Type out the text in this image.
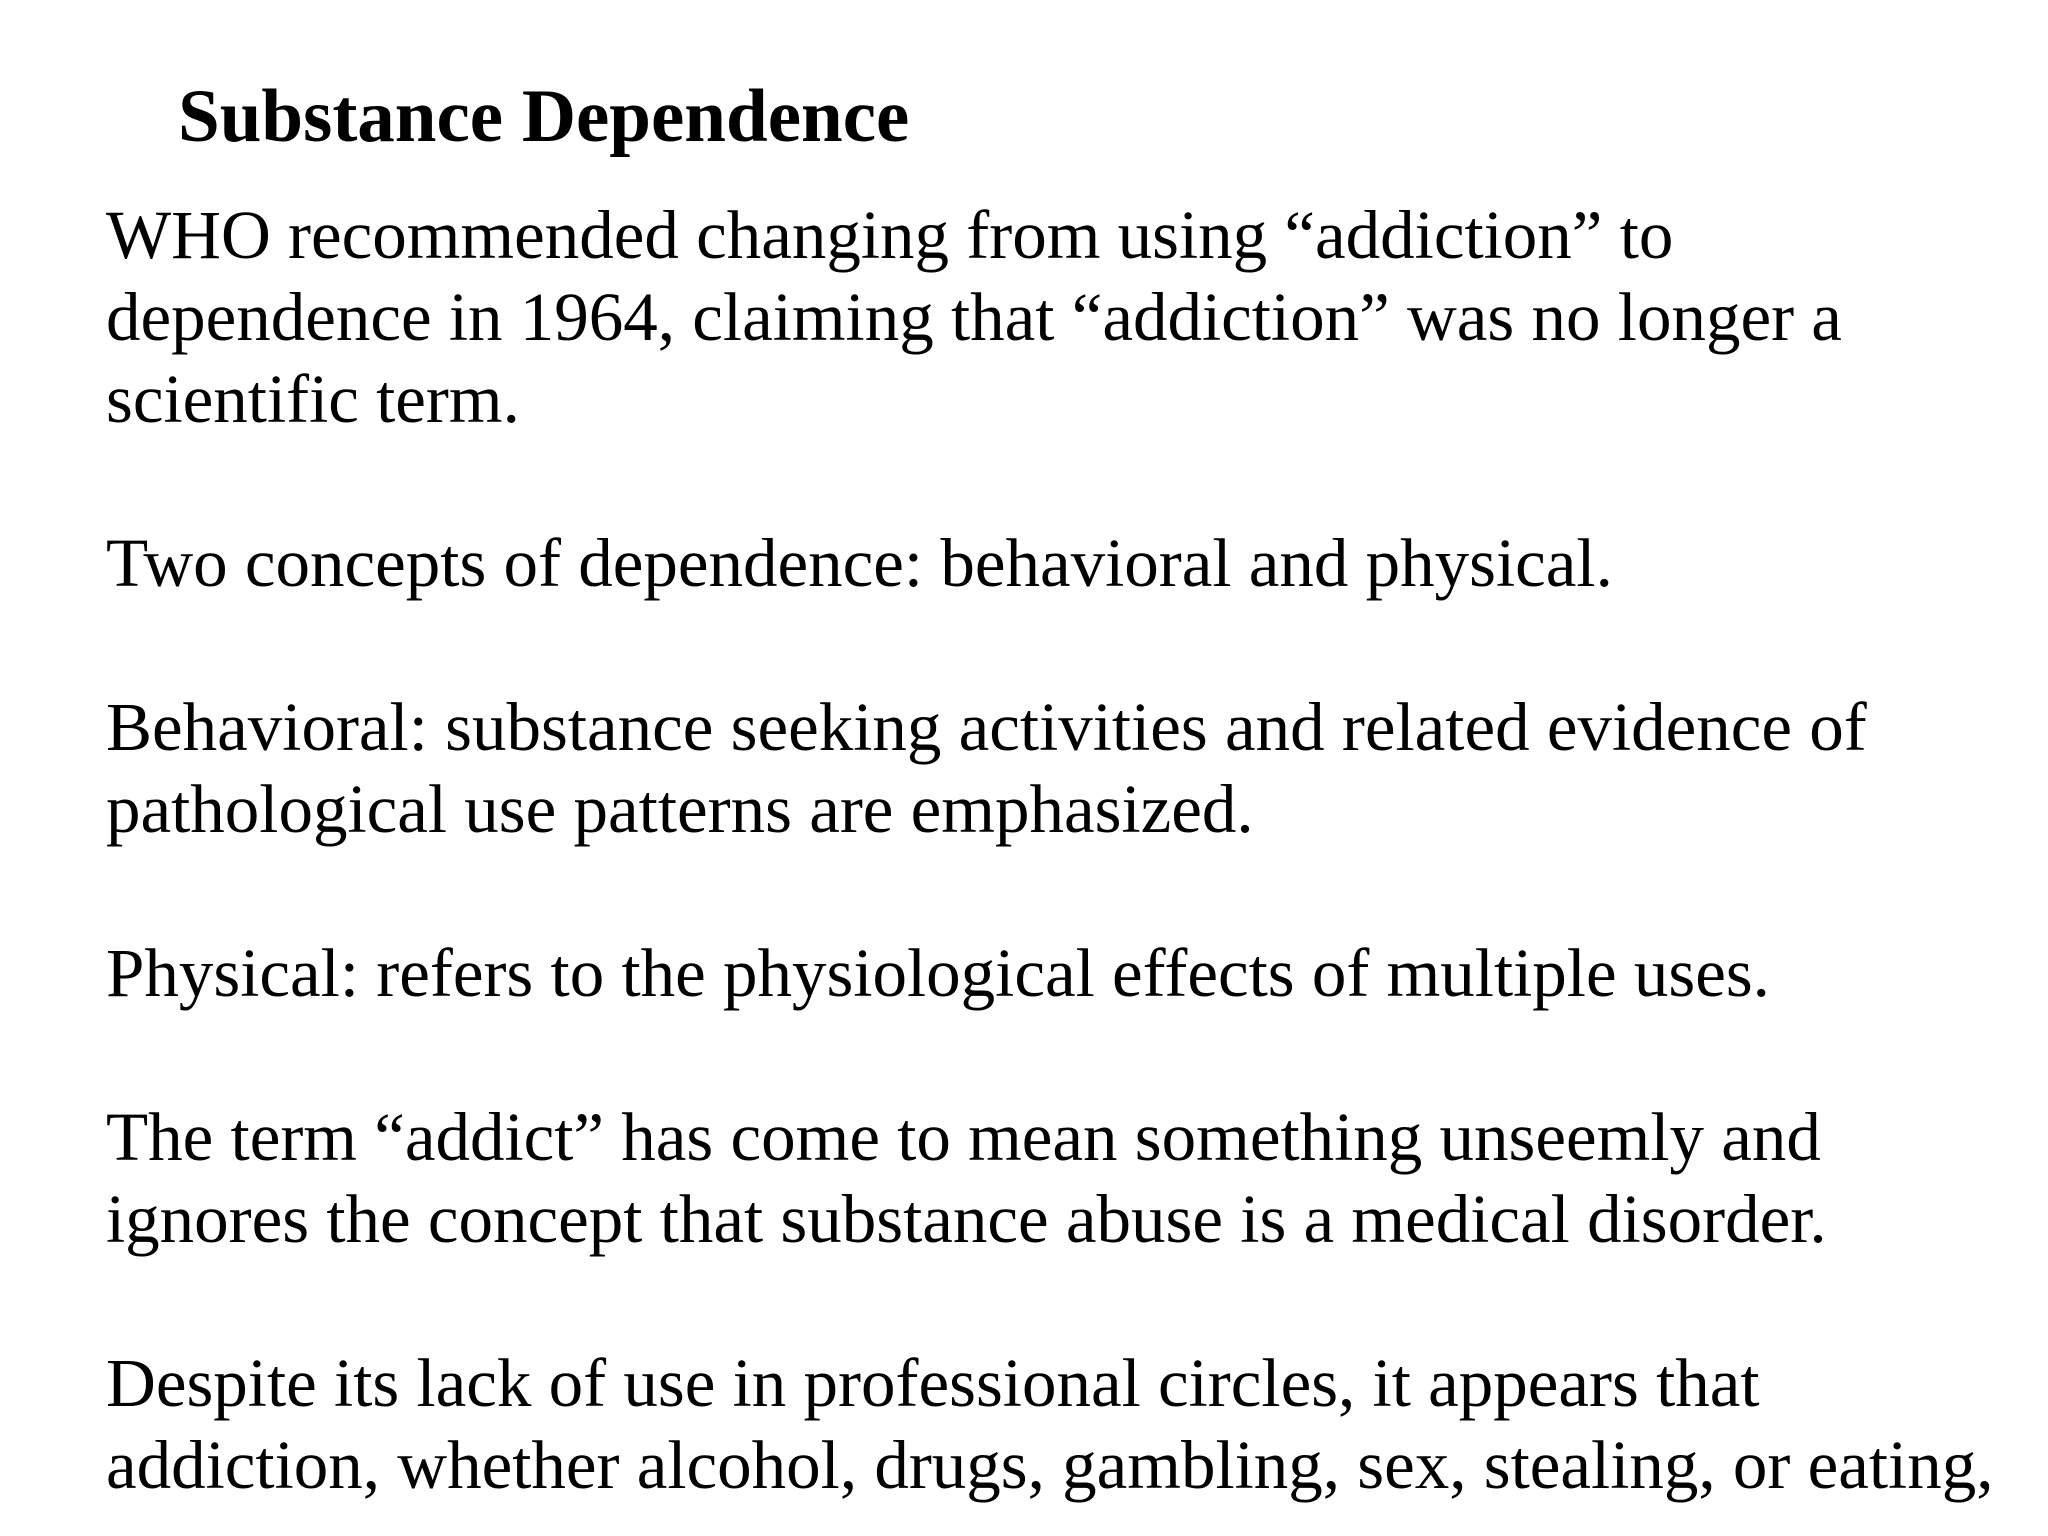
Substance Dependence

WHO recommended changing from using “addiction” to

dependence in 1964, claiming that “addiction” was no longer a

scientific term.

Two concepts of dependence: behavioral and physical.

Behavioral: substance seeking activities and related evidence of

pathological use patterns are emphasized.

Physical: refers to the physiological effects of multiple uses.

The term “addict” has come to mean something unseemly and

ignores the concept that substance abuse is a medical disorder.

Despite its lack of use in professional circles, it appears that

addiction, whether alcohol, drugs, gambling, sex, stealing, or eating,
